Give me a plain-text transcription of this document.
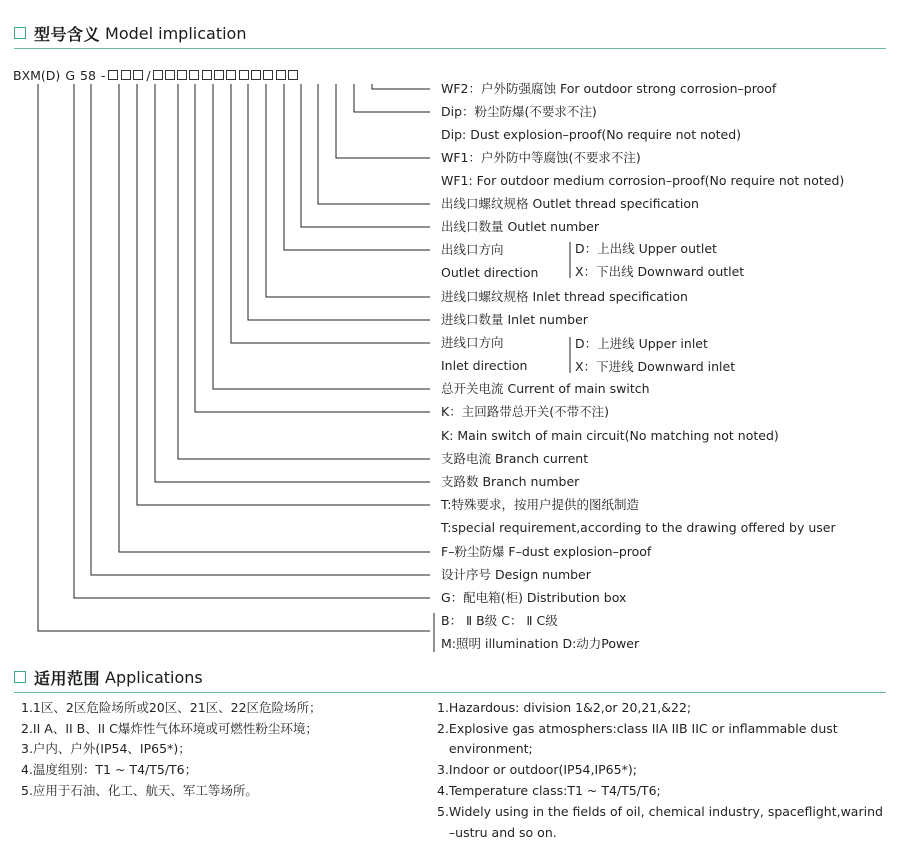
型号含义 Model implication
BXM(D) G 58 -	/
WF2：户外防强腐蚀 For outdoor strong corrosion–proof
Dip：粉尘防爆(不要求不注)
Dip: Dust explosion–proof(No require not noted)
WF1：户外防中等腐蚀(不要求不注)
WF1: For outdoor medium corrosion–proof(No require not noted)
出线口螺纹规格 Outlet thread specification
出线口数量 Outlet number
出线口方向
Outlet direction
D：上出线 Upper outlet
X：下出线 Downward outlet
进线口螺纹规格 Inlet thread specification
进线口数量 Inlet number
进线口方向
Inlet direction
D：上进线 Upper inlet
X：下进线 Downward inlet
总开关电流 Current of main switch
K：主回路带总开关(不带不注)
K: Main switch of main circuit(No matching not noted)
支路电流 Branch current
支路数 Branch number
T:特殊要求，按用户提供的图纸制造
T:special requirement,according to the drawing offered by user
F–粉尘防爆 F–dust explosion–proof
设计序号 Design number
G：配电箱(柜) Distribution box
B： Ⅱ B级 C： Ⅱ C级
M:照明 illumination D:动力Power
适用范围 Applications
1.1区、2区危险场所或20区、21区、22区危险场所；
2.II A、II B、II C爆炸性气体环境或可燃性粉尘环境；
3.户内、户外(IP54、IP65*)；
4.温度组别：T1 ~ T4/T5/T6；
5.应用于石油、化工、航天、军工等场所。
1.Hazardous: division 1&2,or 20,21,&22;
2.Explosive gas atmosphers:class IIA IIB IIC or inflammable dust
environment;
3.Indoor or outdoor(IP54,IP65*);
4.Temperature class:T1 ~ T4/T5/T6;
5.Widely using in the fields of oil, chemical industry, spaceflight,warind
–ustru and so on.
